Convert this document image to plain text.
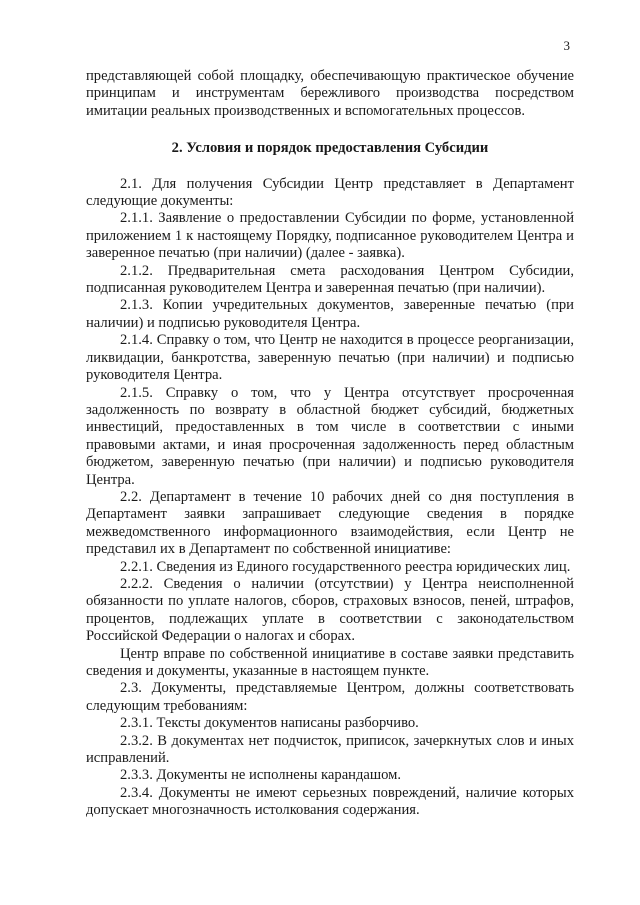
3

представляющей собой площадку, обеспечивающую практическое обучение принципам и инструментам бережливого производства посредством имитации реальных производственных и вспомогательных процессов.

2. Условия и порядок предоставления Субсидии

2.1. Для получения Субсидии Центр представляет в Департамент следующие документы:

2.1.1. Заявление о предоставлении Субсидии по форме, установленной приложением 1 к настоящему Порядку, подписанное руководителем Центра и заверенное печатью (при наличии) (далее - заявка).

2.1.2. Предварительная смета расходования Центром Субсидии, подписанная руководителем Центра и заверенная печатью (при наличии).

2.1.3. Копии учредительных документов, заверенные печатью (при наличии) и подписью руководителя Центра.

2.1.4. Справку о том, что Центр не находится в процессе реорганизации, ликвидации, банкротства, заверенную печатью (при наличии) и подписью руководителя Центра.

2.1.5. Справку о том, что у Центра отсутствует просроченная задолженность по возврату в областной бюджет субсидий, бюджетных инвестиций, предоставленных в том числе в соответствии с иными правовыми актами, и иная просроченная задолженность перед областным бюджетом, заверенную печатью (при наличии) и подписью руководителя Центра.

2.2. Департамент в течение 10 рабочих дней со дня поступления в Департамент заявки запрашивает следующие сведения в порядке межведомственного информационного взаимодействия, если Центр не представил их в Департамент по собственной инициативе:

2.2.1. Сведения из Единого государственного реестра юридических лиц.

2.2.2. Сведения о наличии (отсутствии) у Центра неисполненной обязанности по уплате налогов, сборов, страховых взносов, пеней, штрафов, процентов, подлежащих уплате в соответствии с законодательством Российской Федерации о налогах и сборах.

Центр вправе по собственной инициативе в составе заявки представить сведения и документы, указанные в настоящем пункте.

2.3. Документы, представляемые Центром, должны соответствовать следующим требованиям:

2.3.1. Тексты документов написаны разборчиво.

2.3.2. В документах нет подчисток, приписок, зачеркнутых слов и иных исправлений.

2.3.3. Документы не исполнены карандашом.

2.3.4. Документы не имеют серьезных повреждений, наличие которых допускает многозначность истолкования содержания.
